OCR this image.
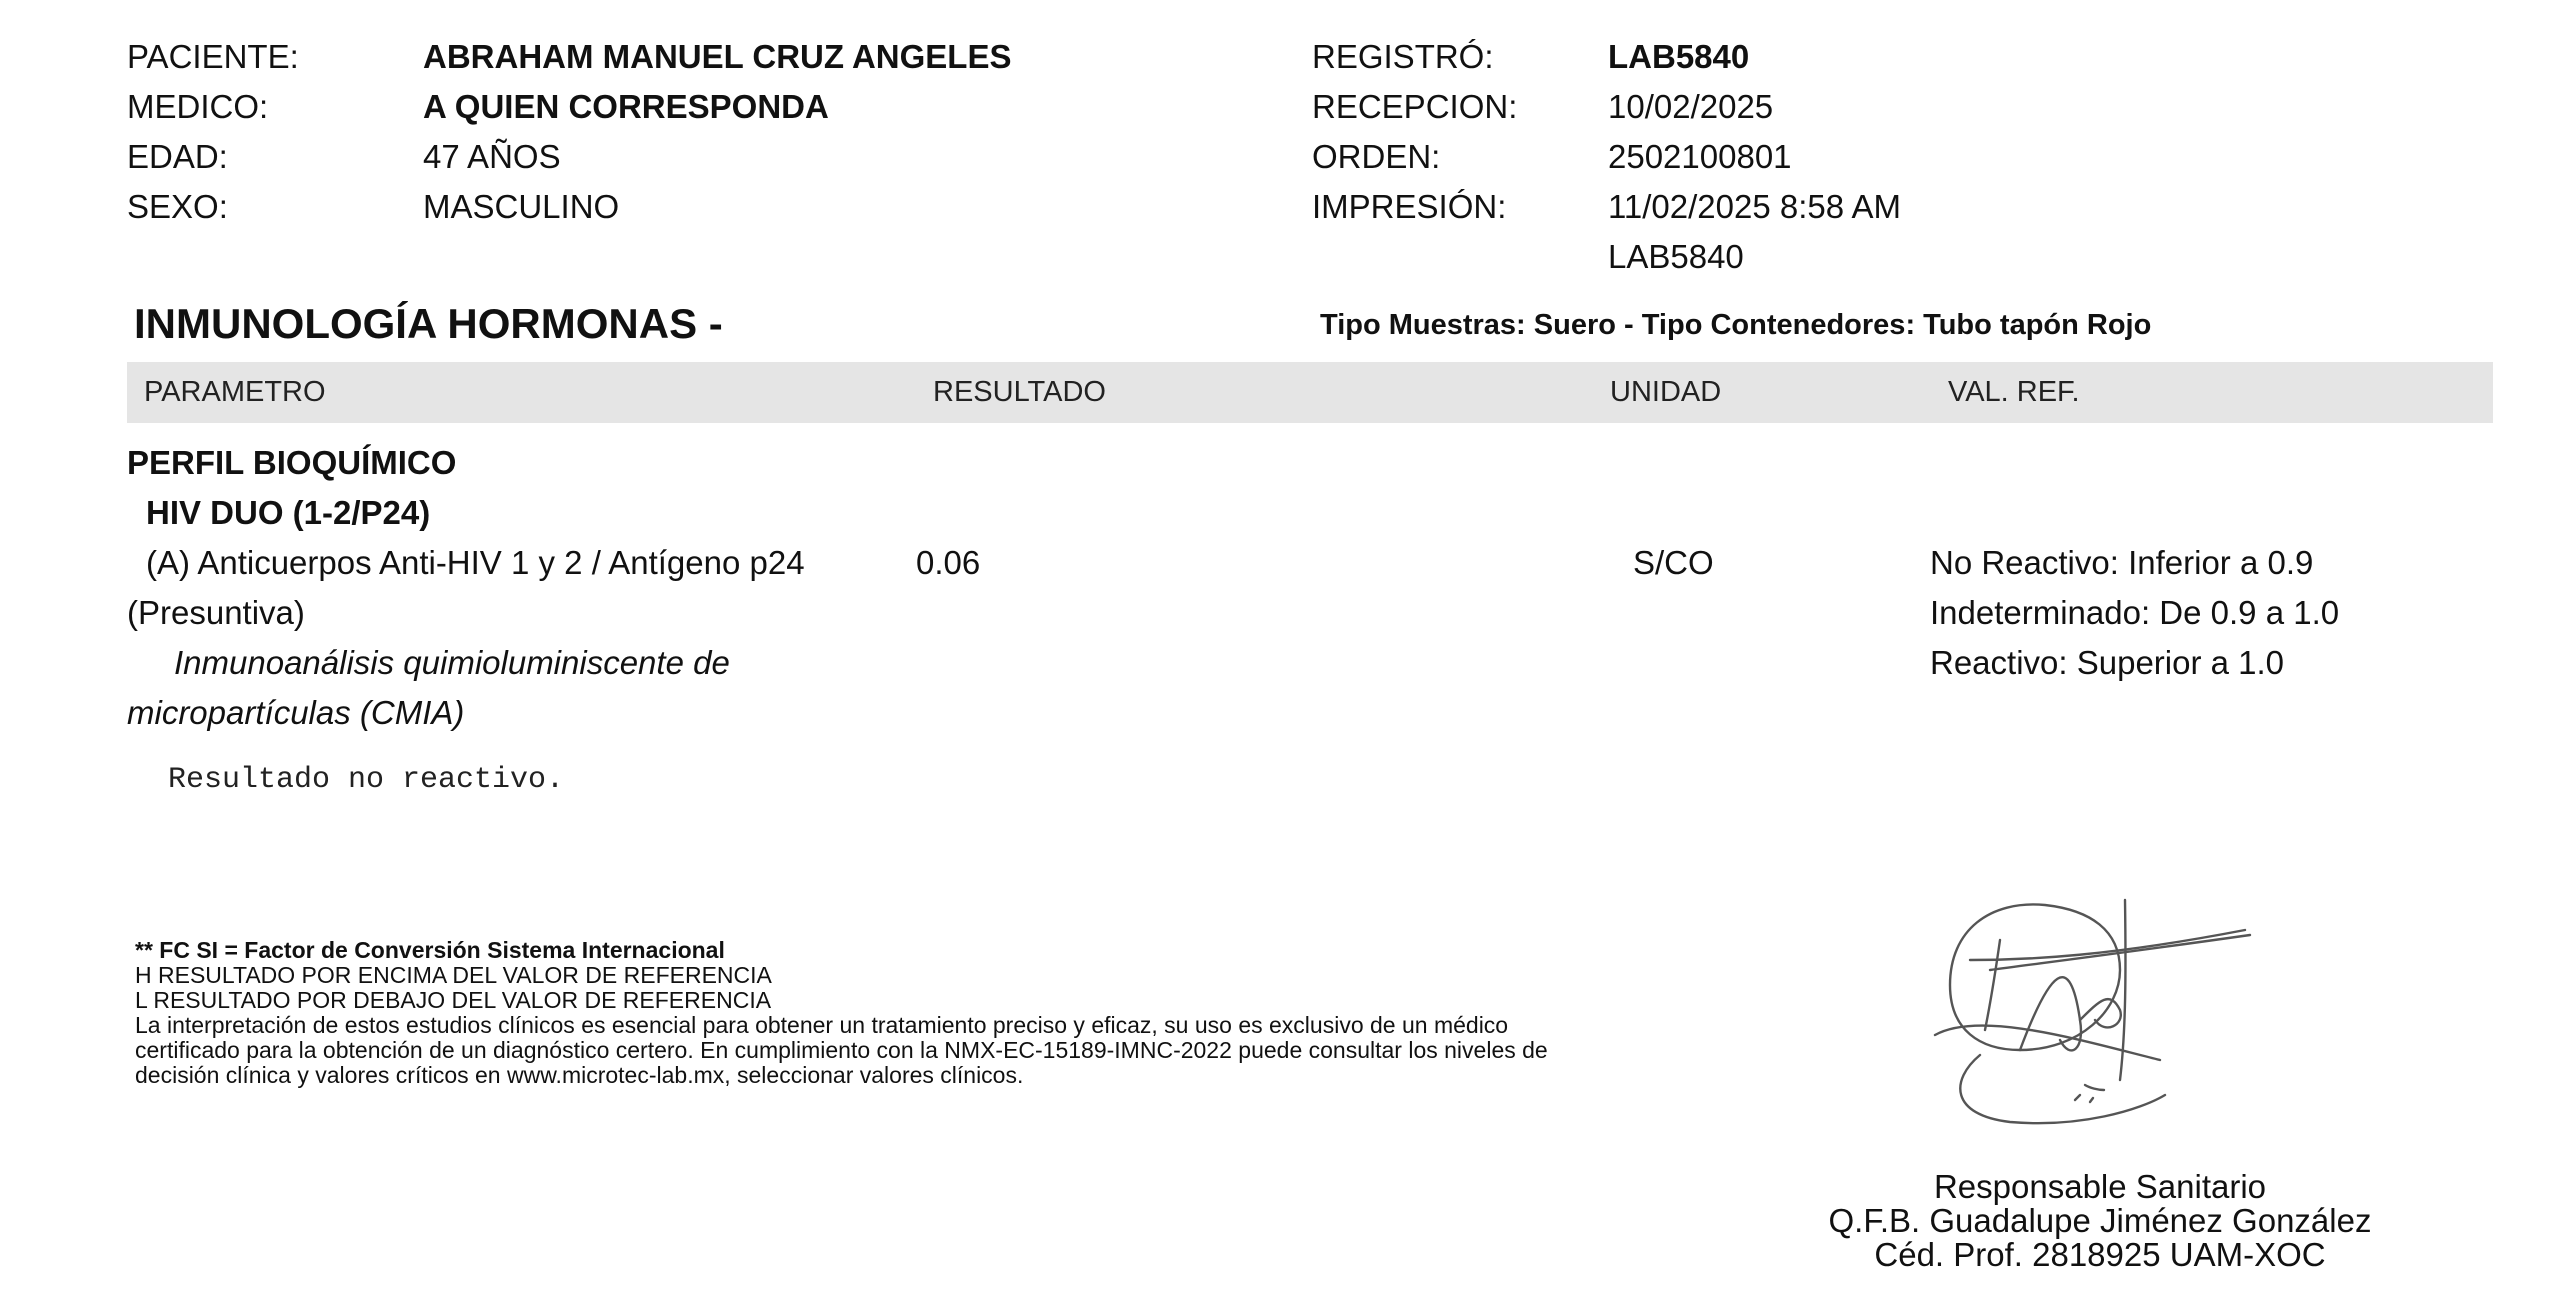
PACIENTE:	ABRAHAM MANUEL CRUZ ANGELES
MEDICO:	A QUIEN CORRESPONDA
EDAD:	47 AÑOS
SEXO:	MASCULINO
REGISTRÓ:	LAB5840
RECEPCION:	10/02/2025
ORDEN:	2502100801
IMPRESIÓN:	11/02/2025 8:58 AM
LAB5840
INMUNOLOGÍA HORMONAS -	Tipo Muestras: Suero - Tipo Contenedores: Tubo tapón Rojo
PARAMETRO	RESULTADO	UNIDAD	VAL. REF.
PERFIL BIOQUÍMICO
HIV DUO (1-2/P24)
(A) Anticuerpos Anti-HIV 1 y 2 / Antígeno p24
(Presuntiva)
Inmunoanálisis quimioluminiscente de
micropartículas (CMIA)
0.06	S/CO	No Reactivo: Inferior a 0.9
Indeterminado: De 0.9 a 1.0
Reactivo: Superior a 1.0
Resultado no reactivo.
** FC SI = Factor de Conversión Sistema Internacional
H RESULTADO POR ENCIMA DEL VALOR DE REFERENCIA
L RESULTADO POR DEBAJO DEL VALOR DE REFERENCIA
La interpretación de estos estudios clínicos es esencial para obtener un tratamiento preciso y eficaz, su uso es exclusivo de un médico
certificado para la obtención de un diagnóstico certero. En cumplimiento con la NMX-EC-15189-IMNC-2022 puede consultar los niveles de
decisión clínica y valores críticos en www.microtec-lab.mx, seleccionar valores clínicos.
Responsable Sanitario
Q.F.B. Guadalupe Jiménez González
Céd. Prof. 2818925 UAM-XOC
